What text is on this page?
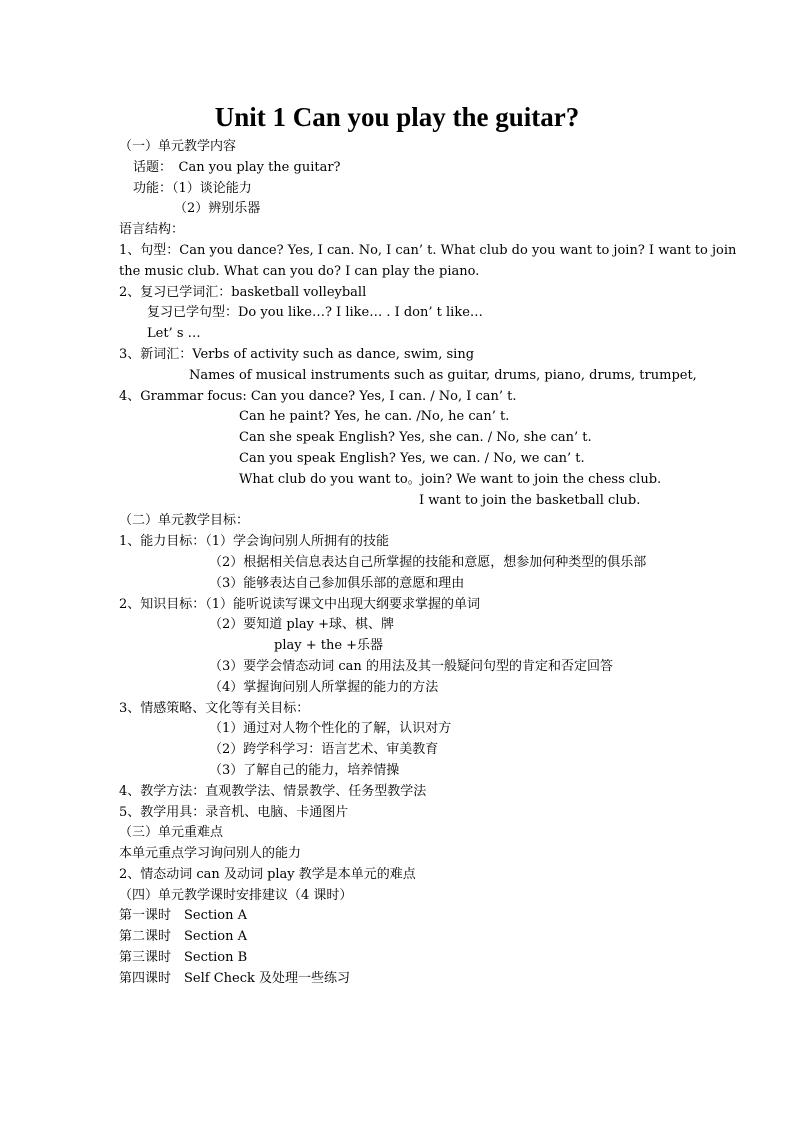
Unit 1 Can you play the guitar?
（一）单元教学内容
话题：　Can you play the guitar?
功能：（1）谈论能力
（2）辨别乐器
语言结构：
1、句型：Can you dance? Yes, I can. No, I can’ t. What club do you want to join? I want to join
the music club. What can you do? I can play the piano.
2、复习已学词汇：basketball volleyball
复习已学句型：Do you like…? I like… . I don’ t like…
Let’ s …
3、新词汇：Verbs of activity such as dance, swim, sing
Names of musical instruments such as guitar, drums, piano, drums, trumpet,
4、Grammar focus: Can you dance? Yes, I can. / No, I can’ t.
Can he paint? Yes, he can. /No, he can’ t.
Can she speak English? Yes, she can. / No, she can’ t.
Can you speak English? Yes, we can. / No, we can’ t.
What club do you want to。join? We want to join the chess club.
I want to join the basketball club.
（二）单元教学目标：
1、能力目标：（1）学会询问别人所拥有的技能
（2）根据相关信息表达自己所掌握的技能和意愿，想参加何种类型的俱乐部
（3）能够表达自己参加俱乐部的意愿和理由
2、知识目标：（1）能听说读写课文中出现大纲要求掌握的单词
（2）要知道 play +球、棋、牌
play + the +乐器
（3）要学会情态动词 can 的用法及其一般疑问句型的肯定和否定回答
（4）掌握询问别人所掌握的能力的方法
3、情感策略、文化等有关目标：
（1）通过对人物个性化的了解，认识对方
（2）跨学科学习：语言艺术、审美教育
（3）了解自己的能力，培养情操
4、教学方法：直观教学法、情景教学、任务型教学法
5、教学用具：录音机、电脑、卡通图片
（三）单元重难点
本单元重点学习询问别人的能力
2、情态动词 can 及动词 play 教学是本单元的难点
（四）单元教学课时安排建议（4 课时）
第一课时　Section A
第二课时　Section A
第三课时　Section B
第四课时　Self Check 及处理一些练习
